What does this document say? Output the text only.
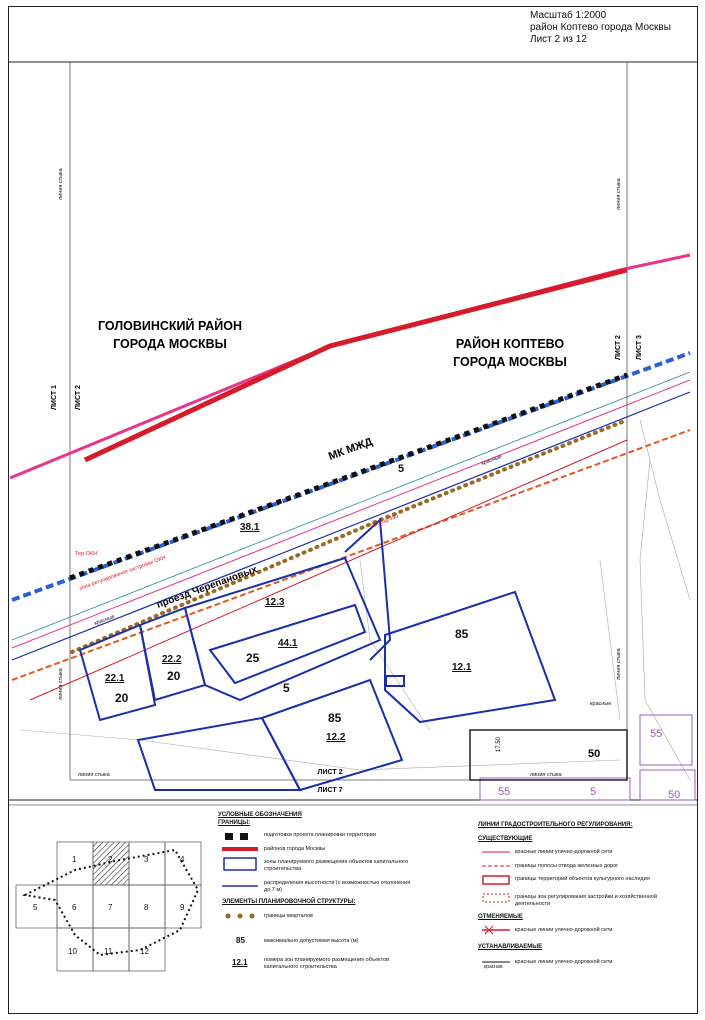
Масштаб 1:2000
район Коптево города Москвы
Лист 2 из 12
ГОЛОВИНСКИЙ РАЙОН
ГОРОДА МОСКВЫ	РАЙОН КОПТЕВО
ГОРОДА МОСКВЫ
МК МЖД
проезд Черепановых
проезд 490
Тер ОКН
зона регулирования застройки ОКН
красные
красные
красные
линия стыка
линия стыка
линия стыка
линия стыка
линия стыка	линия стыка
ЛИСТ 1 ЛИСТ 2
ЛИСТ 2 ЛИСТ 3
ЛИСТ 2
ЛИСТ 7
38.1
5
12.3
44.1
25
22.2
20
22.1
20
5
85
12.2
85
12.1
55
55	5	50
50
17.50
1	2	3	4
5	6	7	8	9
10	11	12
УСЛОВНЫЕ ОБОЗНАЧЕНИЯ
ГРАНИЦЫ:
подготовки проекта планировки территории
районов города Москвы
зоны планируемого размещения объектов капитального строительства
распределения высотности (с возможностью отклонения до 7 м)
ЭЛЕМЕНТЫ ПЛАНИРОВОЧНОЙ СТРУКТУРЫ:
границы кварталов
85	максимально допустимая высота (м)
12.1	номера зон планируемого размещения объектов капитального строительства
ЛИНИИ ГРАДОСТРОИТЕЛЬНОГО РЕГУЛИРОВАНИЯ:
СУЩЕСТВУЮЩИЕ
красные линии улично-дорожной сети
границы полосы отвода железных дорог
границы территорий объектов культурного наследия
границы зон регулирования застройки и хозяйственной деятельности
ОТМЕНЯЕМЫЕ
красные линии улично-дорожной сети
УСТАНАВЛИВАЕМЫЕ
красная
красные линии улично-дорожной сети
